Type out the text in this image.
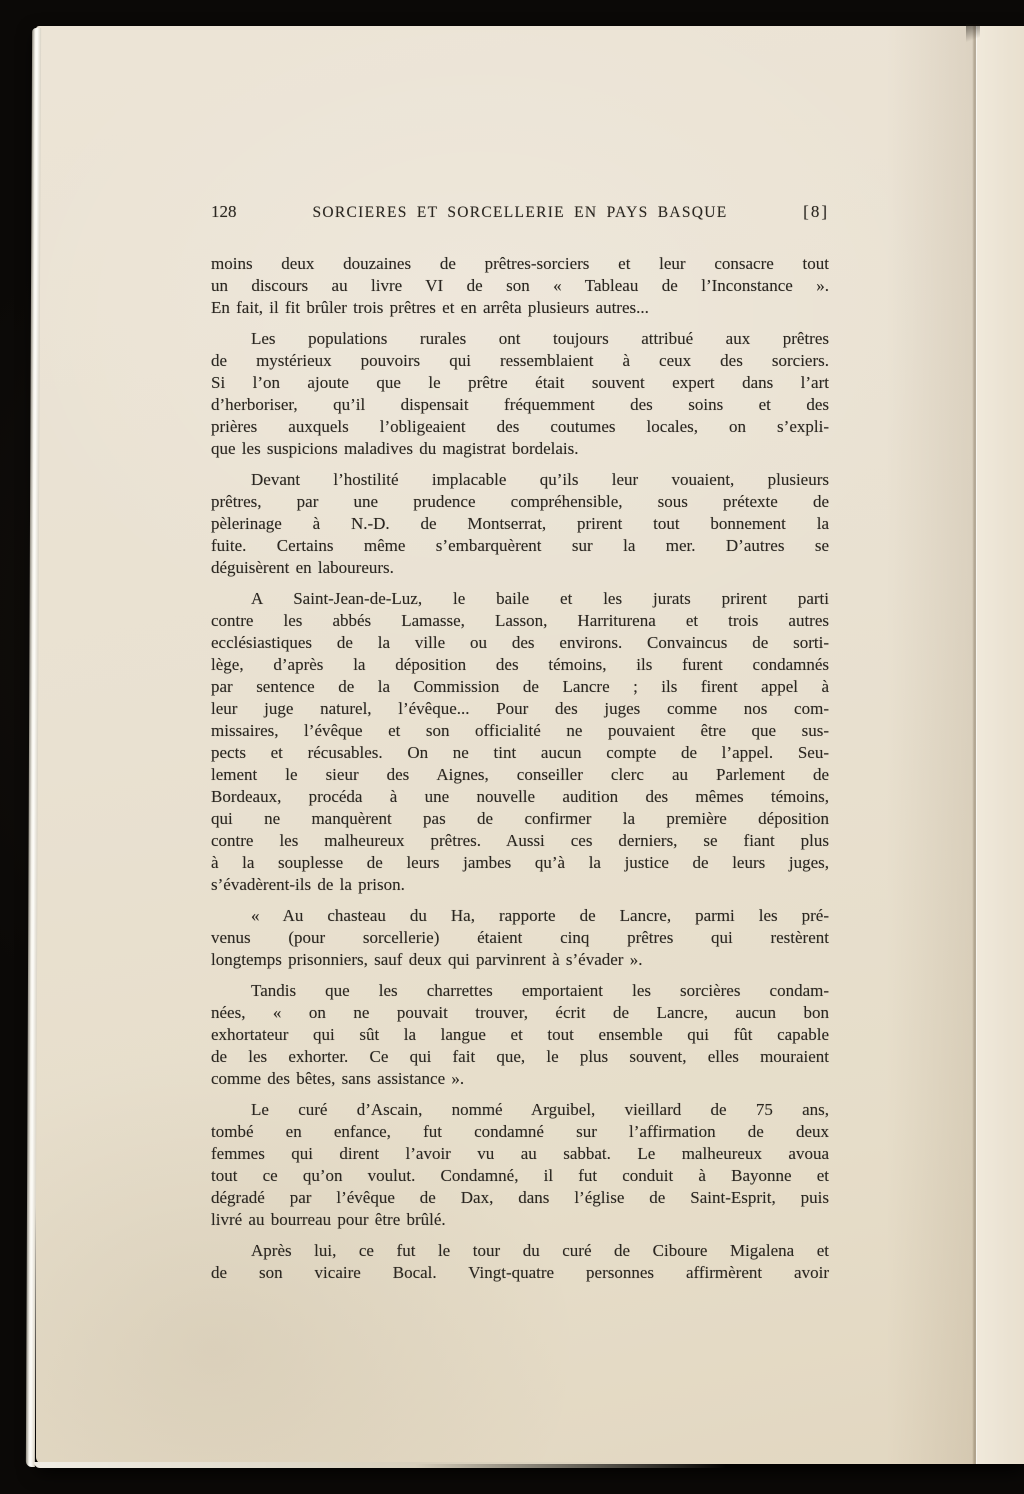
128	SORCIERES ET SORCELLERIE EN PAYS BASQUE	[8]
moins deux douzaines de prêtres-sorciers et leur consacre tout
un discours au livre VI de son « Tableau de l’Inconstance ».
En fait, il fit brûler trois prêtres et en arrêta plusieurs autres...
Les populations rurales ont toujours attribué aux prêtres
de mystérieux pouvoirs qui ressemblaient à ceux des sorciers.
Si l’on ajoute que le prêtre était souvent expert dans l’art
d’herboriser, qu’il dispensait fréquemment des soins et des
prières auxquels l’obligeaient des coutumes locales, on s’expli-
que les suspicions maladives du magistrat bordelais.
Devant l’hostilité implacable qu’ils leur vouaient, plusieurs
prêtres, par une prudence compréhensible, sous prétexte de
pèlerinage à N.-D. de Montserrat, prirent tout bonnement la
fuite. Certains même s’embarquèrent sur la mer. D’autres se
déguisèrent en laboureurs.
A Saint-Jean-de-Luz, le baile et les jurats prirent parti
contre les abbés Lamasse, Lasson, Harriturena et trois autres
ecclésiastiques de la ville ou des environs. Convaincus de sorti-
lège, d’après la déposition des témoins, ils furent condamnés
par sentence de la Commission de Lancre ; ils firent appel à
leur juge naturel, l’évêque... Pour des juges comme nos com-
missaires, l’évêque et son officialité ne pouvaient être que sus-
pects et récusables. On ne tint aucun compte de l’appel. Seu-
lement le sieur des Aignes, conseiller clerc au Parlement de
Bordeaux, procéda à une nouvelle audition des mêmes témoins,
qui ne manquèrent pas de confirmer la première déposition
contre les malheureux prêtres. Aussi ces derniers, se fiant plus
à la souplesse de leurs jambes qu’à la justice de leurs juges,
s’évadèrent-ils de la prison.
« Au chasteau du Ha, rapporte de Lancre, parmi les pré-
venus (pour sorcellerie) étaient cinq prêtres qui restèrent
longtemps prisonniers, sauf deux qui parvinrent à s’évader ».
Tandis que les charrettes emportaient les sorcières condam-
nées, « on ne pouvait trouver, écrit de Lancre, aucun bon
exhortateur qui sût la langue et tout ensemble qui fût capable
de les exhorter. Ce qui fait que, le plus souvent, elles mouraient
comme des bêtes, sans assistance ».
Le curé d’Ascain, nommé Arguibel, vieillard de 75 ans,
tombé en enfance, fut condamné sur l’affirmation de deux
femmes qui dirent l’avoir vu au sabbat. Le malheureux avoua
tout ce qu’on voulut. Condamné, il fut conduit à Bayonne et
dégradé par l’évêque de Dax, dans l’église de Saint-Esprit, puis
livré au bourreau pour être brûlé.
Après lui, ce fut le tour du curé de Ciboure Migalena et
de son vicaire Bocal. Vingt-quatre personnes affirmèrent avoir
